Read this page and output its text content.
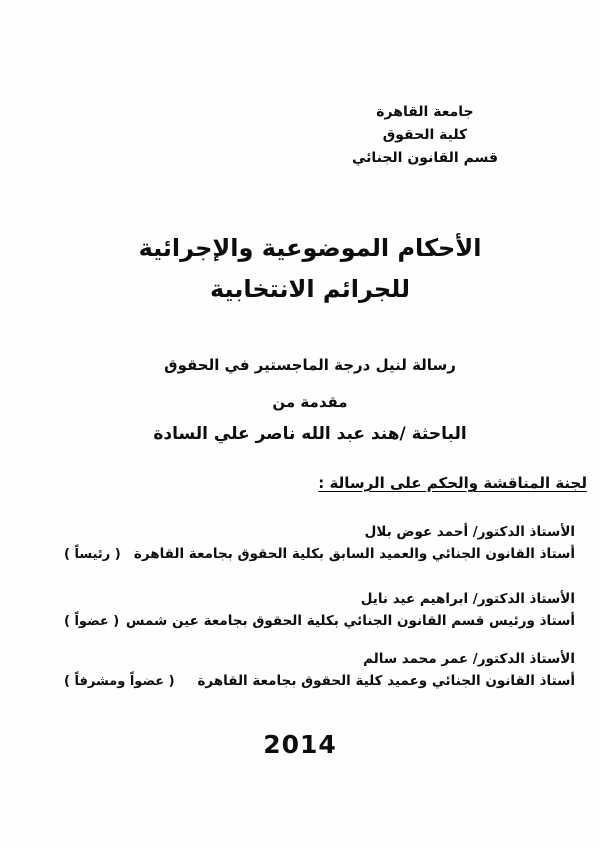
جامعة القاهرة
كلية الحقوق
قسم القانون الجنائي
الأحكام الموضوعية والإجرائية
للجرائم الانتخابية
رسالة لنيل درجة الماجستير في الحقوق
مقدمة من
الباحثة /هند عبد الله ناصر علي السادة
لجنة المناقشة والحكم على الرسالة :
الأستاذ الدكتور/ أحمد عوض بلال
( رئيساً ) أستاذ القانون الجنائي والعميد السابق بكلية الحقوق بجامعة القاهرة
الأستاذ الدكتور/ ابراهيم عيد نايل
( عضواً ) أستاذ ورئيس قسم القانون الجنائي بكلية الحقوق بجامعة عين شمس
الأستاذ الدكتور/ عمر محمد سالم
( عضواً ومشرفاً ) أستاذ القانون الجنائي وعميد كلية الحقوق بجامعة القاهرة
2014
